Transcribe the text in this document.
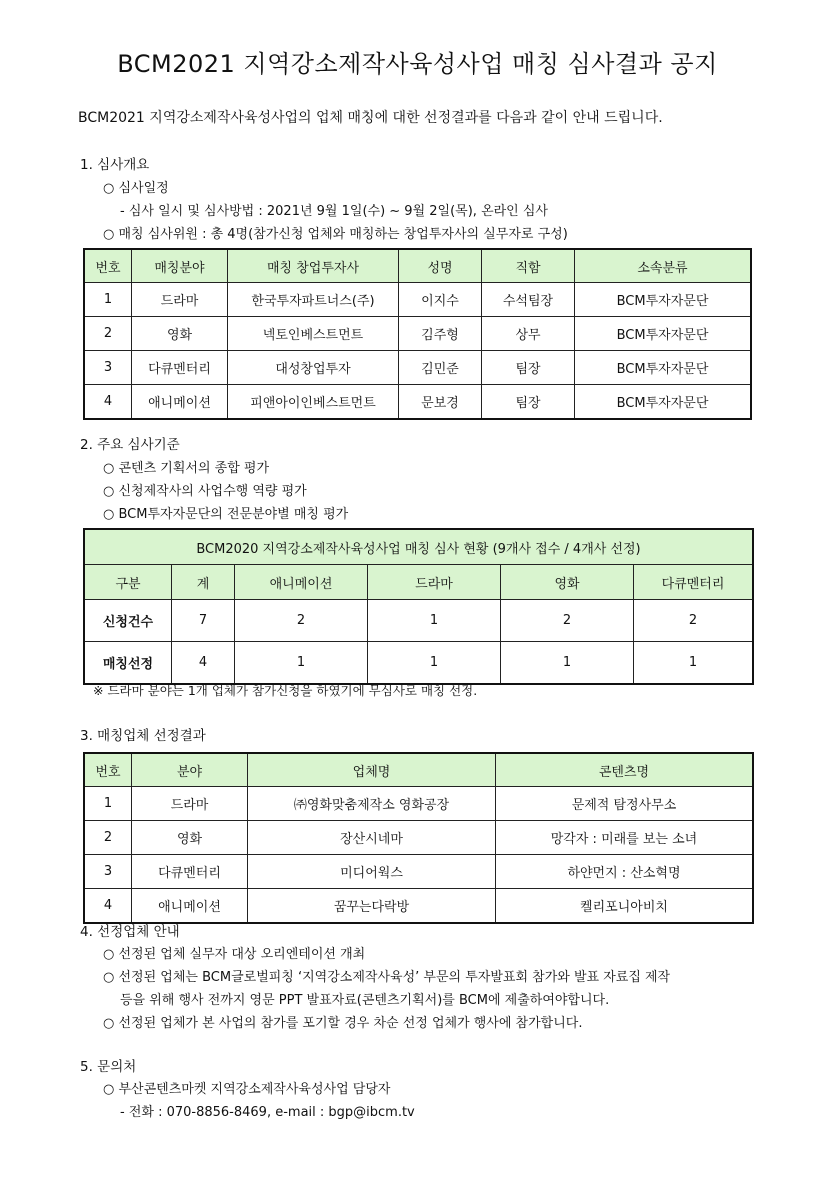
BCM2021 지역강소제작사육성사업 매칭 심사결과 공지
BCM2021 지역강소제작사육성사업의 업체 매칭에 대한 선정결과를 다음과 같이 안내 드립니다.
1. 심사개요
○ 심사일정
- 심사 일시 및 심사방법 : 2021년 9월 1일(수) ~ 9월 2일(목), 온라인 심사
○ 매칭 심사위원 : 총 4명(참가신청 업체와 매칭하는 창업투자사의 실무자로 구성)
번호	매칭분야	매칭 창업투자사	성명	직함	소속분류
1	드라마	한국투자파트너스(주)	이지수	수석팀장	BCM투자자문단
2	영화	넥토인베스트먼트	김주형	상무	BCM투자자문단
3	다큐멘터리	대성창업투자	김민준	팀장	BCM투자자문단
4	애니메이션	피앤아이인베스트먼트	문보경	팀장	BCM투자자문단
2. 주요 심사기준
○ 콘텐츠 기획서의 종합 평가
○ 신청제작사의 사업수행 역량 평가
○ BCM투자자문단의 전문분야별 매칭 평가
BCM2020 지역강소제작사육성사업 매칭 심사 현황 (9개사 접수 / 4개사 선정)					
구분	계	애니메이션	드라마	영화	다큐멘터리
신청건수	7	2	1	2	2
매칭선정	4	1	1	1	1
※ 드라마 분야는 1개 업체가 참가신청을 하였기에 무심사로 매칭 선정.
3. 매칭업체 선정결과
번호	분야	업체명	콘텐츠명
1	드라마	㈜영화맞춤제작소 영화공장	문제적 탐정사무소
2	영화	장산시네마	망각자 : 미래를 보는 소녀
3	다큐멘터리	미디어웍스	하얀먼지 : 산소혁명
4	애니메이션	꿈꾸는다락방	켈리포니아비치
4. 선정업체 안내
○ 선정된 업체 실무자 대상 오리엔테이션 개최
○ 선정된 업체는 BCM글로벌피칭 ‘지역강소제작사육성’ 부문의 투자발표회 참가와 발표 자료집 제작
등을 위해 행사 전까지 영문 PPT 발표자료(콘텐츠기획서)를 BCM에 제출하여야합니다.
○ 선정된 업체가 본 사업의 참가를 포기할 경우 차순 선정 업체가 행사에 참가합니다.
5. 문의처
○ 부산콘텐츠마켓 지역강소제작사육성사업 담당자
- 전화 : 070-8856-8469, e-mail : bgp@ibcm.tv
